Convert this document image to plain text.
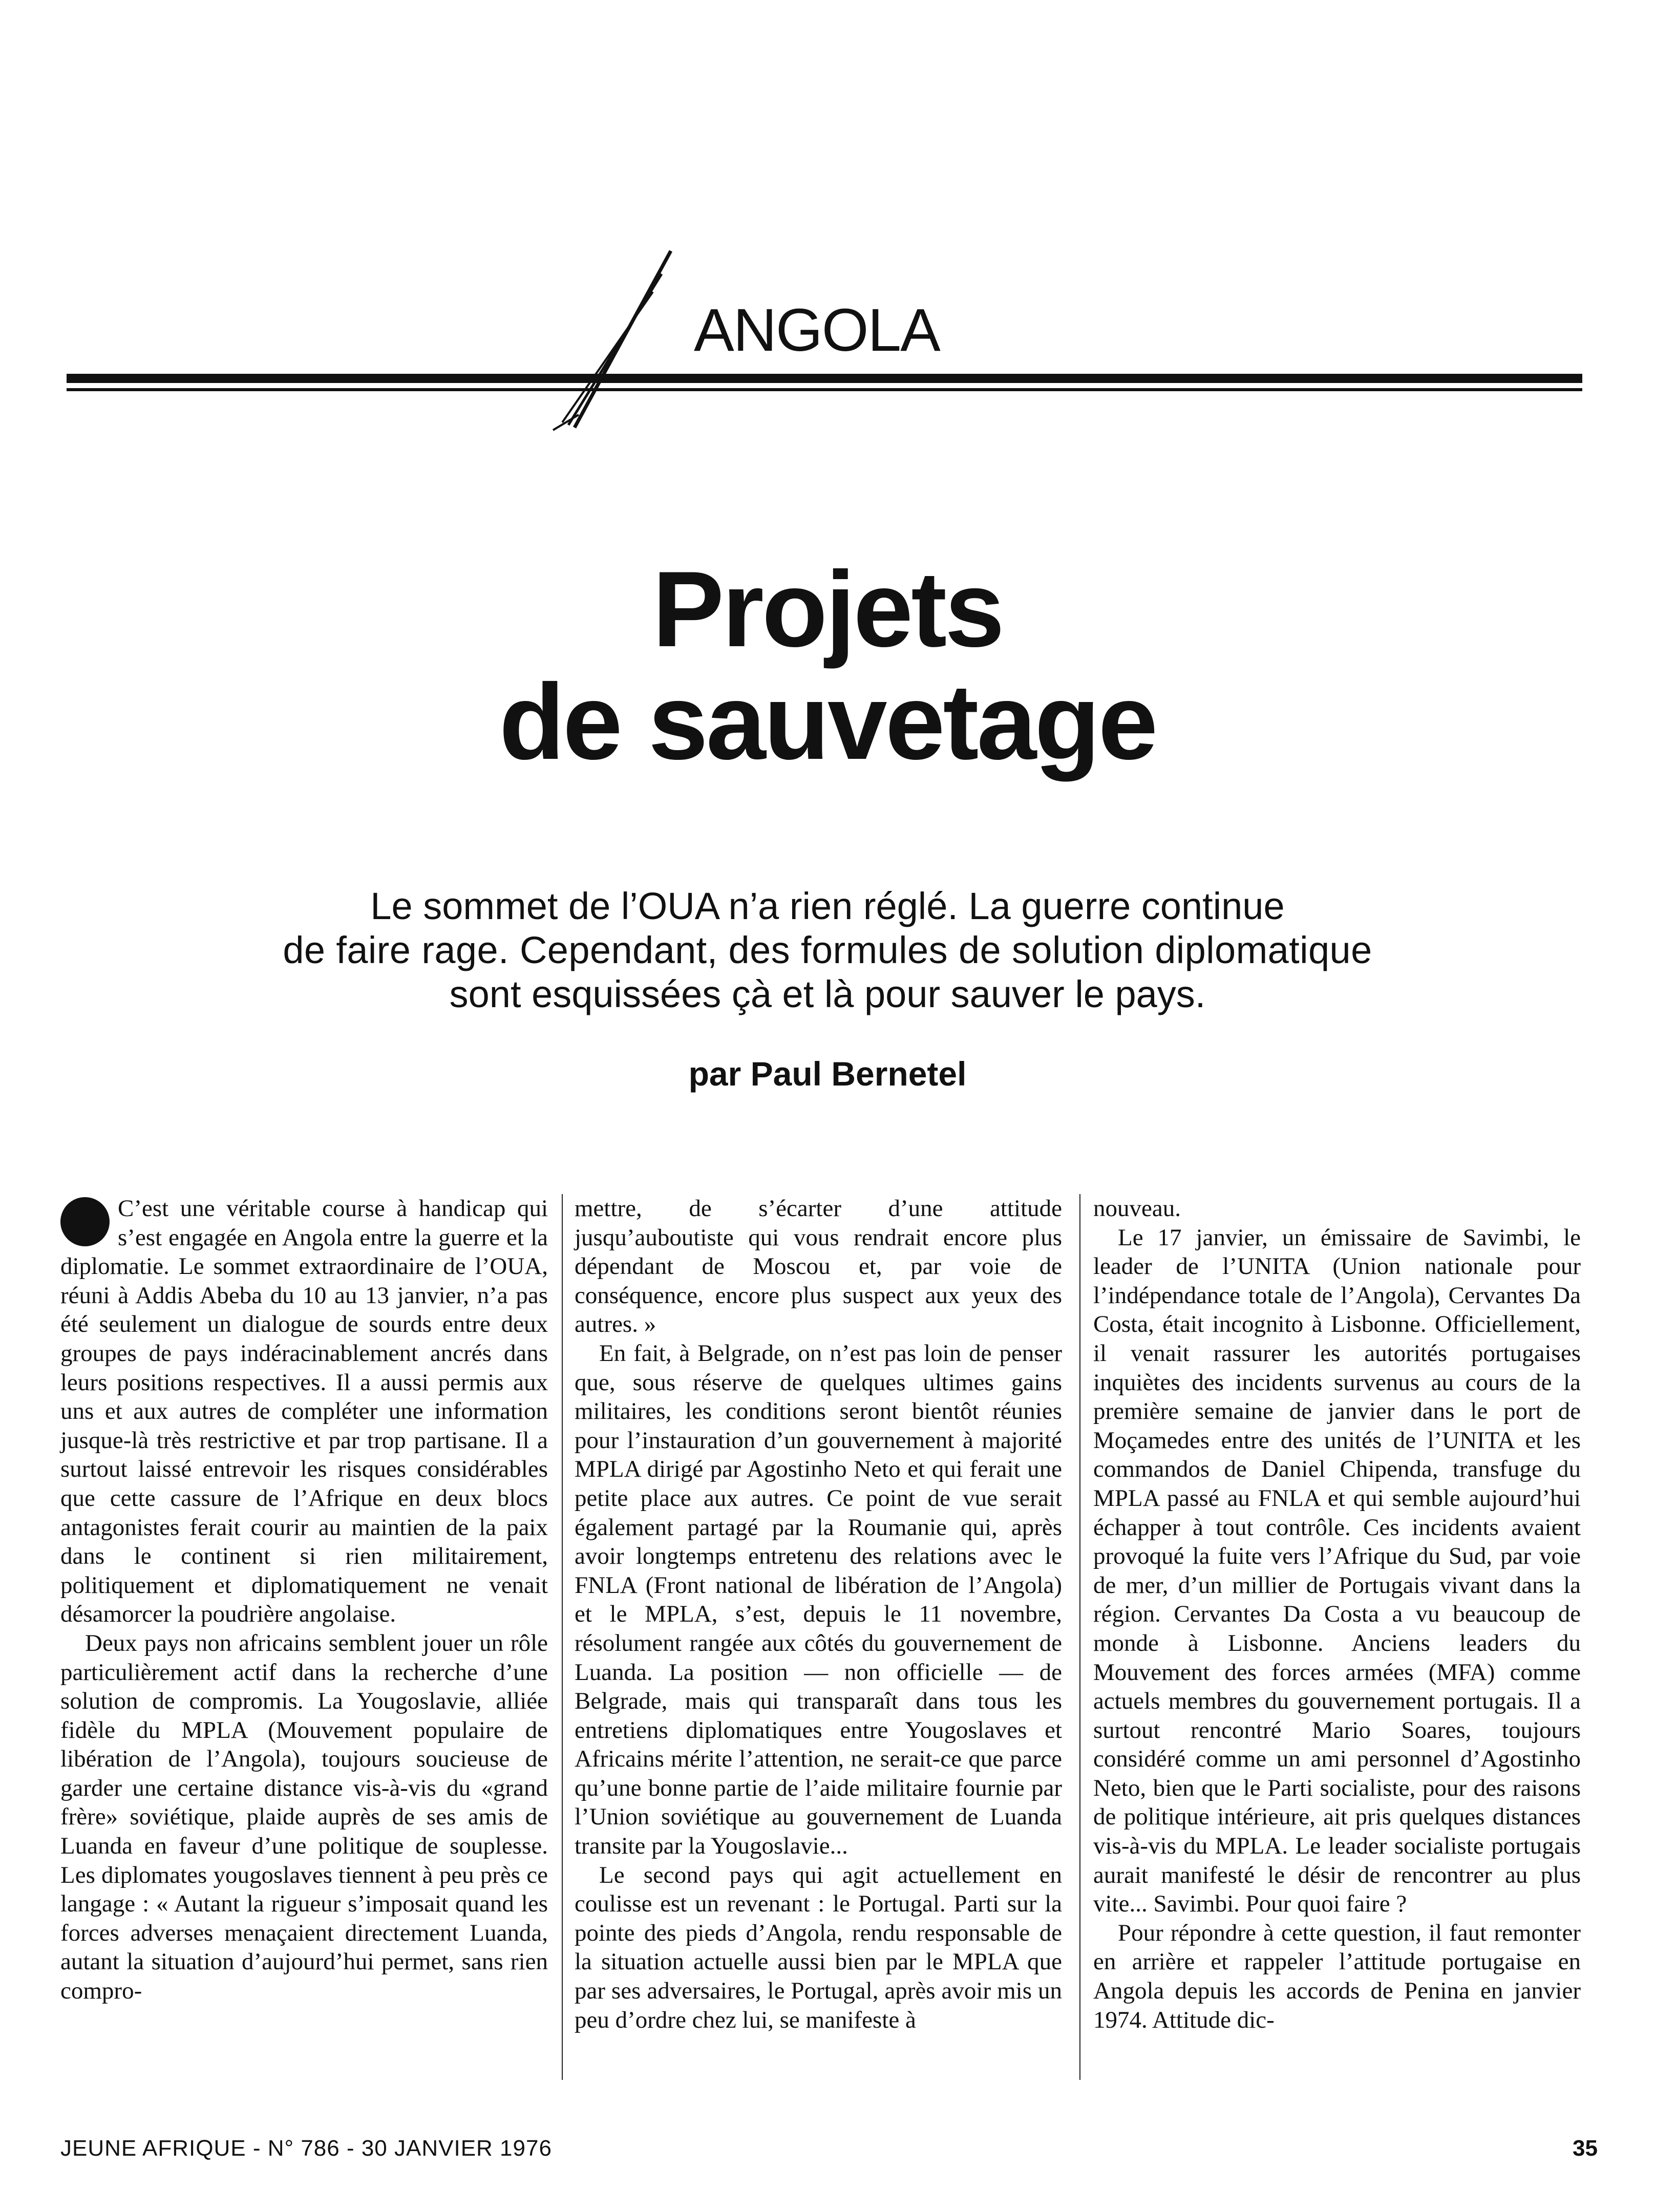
ANGOLA
Projets
de sauvetage
Le sommet de l’OUA n’a rien réglé. La guerre continue
de faire rage. Cependant, des formules de solution diplomatique
sont esquissées çà et là pour sauver le pays.
par Paul Bernetel

C’est une véritable course à handicap qui s’est engagée en Angola entre la guerre et la diplomatie. Le sommet extraordinaire de l’OUA, réuni à Addis Abeba du 10 au 13 janvier, n’a pas été seulement un dialogue de sourds entre deux groupes de pays indéracinablement ancrés dans leurs positions respectives. Il a aussi permis aux uns et aux autres de compléter une information jusque-là très restrictive et par trop partisane. Il a surtout laissé entrevoir les risques considérables que cette cassure de l’Afrique en deux blocs antagonistes ferait courir au maintien de la paix dans le continent si rien militairement, politiquement et diplomatiquement ne venait désamorcer la poudrière angolaise.

Deux pays non africains semblent jouer un rôle particulièrement actif dans la recherche d’une solution de compromis. La Yougoslavie, alliée fidèle du MPLA (Mouvement populaire de libération de l’Angola), toujours soucieuse de garder une certaine distance vis-à-vis du «grand frère» soviétique, plaide auprès de ses amis de Luanda en faveur d’une politique de souplesse. Les diplomates yougoslaves tiennent à peu près ce langage : « Autant la rigueur s’imposait quand les forces adverses menaçaient directement Luanda, autant la situation d’aujourd’hui permet, sans rien compro-

mettre, de s’écarter d’une attitude jusqu’auboutiste qui vous rendrait encore plus dépendant de Moscou et, par voie de conséquence, encore plus suspect aux yeux des autres. »

En fait, à Belgrade, on n’est pas loin de penser que, sous réserve de quelques ultimes gains militaires, les conditions seront bientôt réunies pour l’instauration d’un gouvernement à majorité MPLA dirigé par Agostinho Neto et qui ferait une petite place aux autres. Ce point de vue serait également partagé par la Roumanie qui, après avoir longtemps entretenu des relations avec le FNLA (Front national de libération de l’Angola) et le MPLA, s’est, depuis le 11 novembre, résolument rangée aux côtés du gouvernement de Luanda. La position — non officielle — de Belgrade, mais qui transparaît dans tous les entretiens diplomatiques entre Yougoslaves et Africains mérite l’attention, ne serait-ce que parce qu’une bonne partie de l’aide militaire fournie par l’Union soviétique au gouvernement de Luanda transite par la Yougoslavie...

Le second pays qui agit actuellement en coulisse est un revenant : le Portugal. Parti sur la pointe des pieds d’Angola, rendu responsable de la situation actuelle aussi bien par le MPLA que par ses adversaires, le Portugal, après avoir mis un peu d’ordre chez lui, se manifeste à

nouveau.

Le 17 janvier, un émissaire de Savimbi, le leader de l’UNITA (Union nationale pour l’indépendance totale de l’Angola), Cervantes Da Costa, était incognito à Lisbonne. Officiellement, il venait rassurer les autorités portugaises inquiètes des incidents survenus au cours de la première semaine de janvier dans le port de Moçamedes entre des unités de l’UNITA et les commandos de Daniel Chipenda, transfuge du MPLA passé au FNLA et qui semble aujourd’hui échapper à tout contrôle. Ces incidents avaient provoqué la fuite vers l’Afrique du Sud, par voie de mer, d’un millier de Portugais vivant dans la région. Cervantes Da Costa a vu beaucoup de monde à Lisbonne. Anciens leaders du Mouvement des forces armées (MFA) comme actuels membres du gouvernement portugais. Il a surtout rencontré Mario Soares, toujours considéré comme un ami personnel d’Agostinho Neto, bien que le Parti socialiste, pour des raisons de politique intérieure, ait pris quelques distances vis-à-vis du MPLA. Le leader socialiste portugais aurait manifesté le désir de rencontrer au plus vite... Savimbi. Pour quoi faire ?

Pour répondre à cette question, il faut remonter en arrière et rappeler l’attitude portugaise en Angola depuis les accords de Penina en janvier 1974. Attitude dic-

JEUNE AFRIQUE - N° 786 - 30 JANVIER 1976	35
